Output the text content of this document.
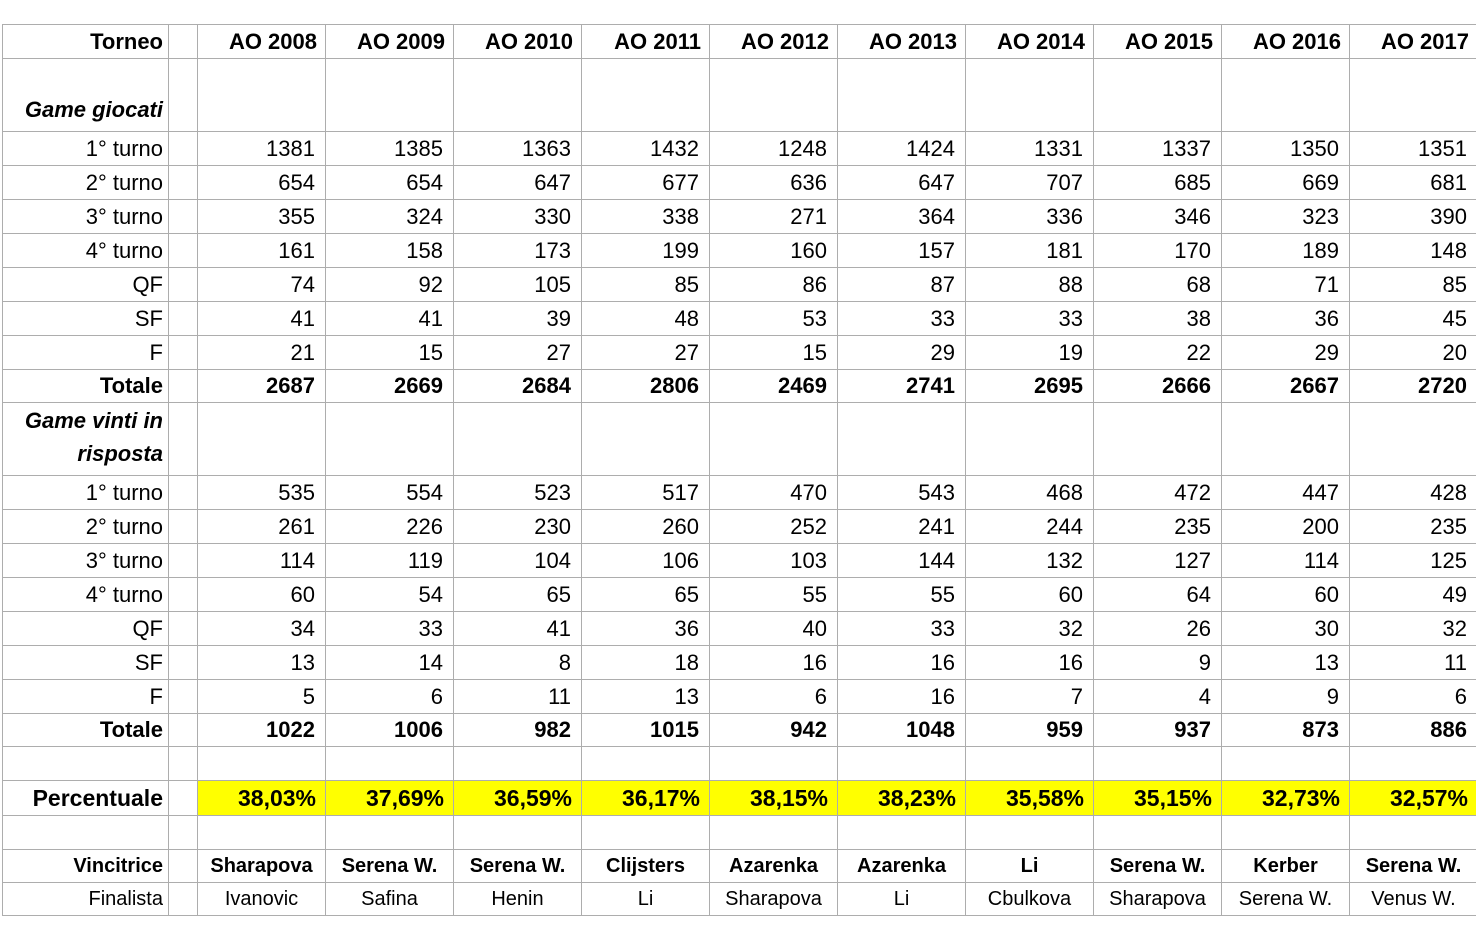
Torneo		AO 2008	AO 2009	AO 2010	AO 2011	AO 2012	AO 2013	AO 2014	AO 2015	AO 2016	AO 2017
Game giocati											
1° turno		1381	1385	1363	1432	1248	1424	1331	1337	1350	1351
2° turno		654	654	647	677	636	647	707	685	669	681
3° turno		355	324	330	338	271	364	336	346	323	390
4° turno		161	158	173	199	160	157	181	170	189	148
QF		74	92	105	85	86	87	88	68	71	85
SF		41	41	39	48	53	33	33	38	36	45
F		21	15	27	27	15	29	19	22	29	20
Totale		2687	2669	2684	2806	2469	2741	2695	2666	2667	2720
Game vinti in risposta											
1° turno		535	554	523	517	470	543	468	472	447	428
2° turno		261	226	230	260	252	241	244	235	200	235
3° turno		114	119	104	106	103	144	132	127	114	125
4° turno		60	54	65	65	55	55	60	64	60	49
QF		34	33	41	36	40	33	32	26	30	32
SF		13	14	8	18	16	16	16	9	13	11
F		5	6	11	13	6	16	7	4	9	6
Totale		1022	1006	982	1015	942	1048	959	937	873	886

Percentuale		38,03%	37,69%	36,59%	36,17%	38,15%	38,23%	35,58%	35,15%	32,73%	32,57%

Vincitrice		Sharapova	Serena W.	Serena W.	Clijsters	Azarenka	Azarenka	Li	Serena W.	Kerber	Serena W.
Finalista		Ivanovic	Safina	Henin	Li	Sharapova	Li	Cbulkova	Sharapova	Serena W.	Venus W.
